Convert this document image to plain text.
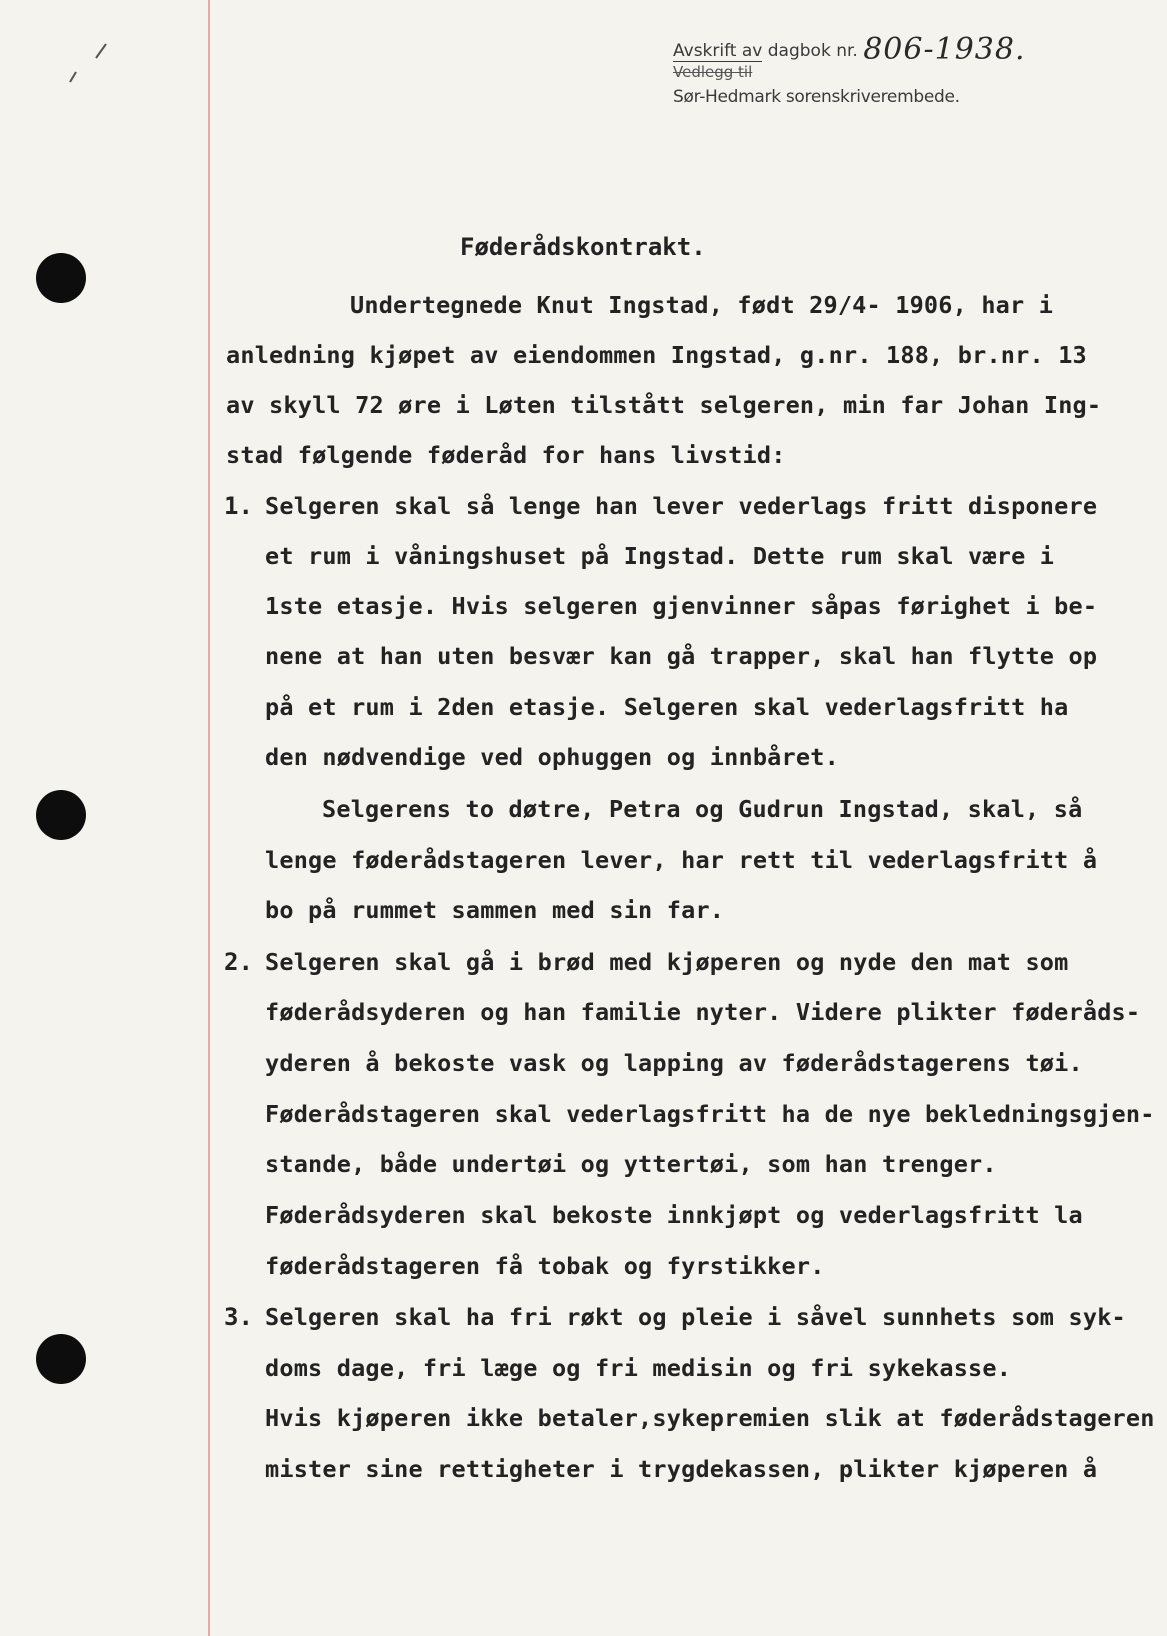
Avskrift av dagbok nr. 806-1938.
Vedlegg til
Sør-Hedmark sorenskriverembede.
Føderådskontrakt.
Undertegnede Knut Ingstad, født 29/4- 1906, har i
anledning kjøpet av eiendommen Ingstad, g.nr. 188, br.nr. 13
av skyll 72 øre i Løten tilstått selgeren, min far Johan Ing-
stad følgende føderåd for hans livstid:
1. Selgeren skal så lenge han lever vederlags fritt disponere
et rum i våningshuset på Ingstad. Dette rum skal være i
1ste etasje. Hvis selgeren gjenvinner såpas førighet i be-
nene at han uten besvær kan gå trapper, skal han flytte op
på et rum i 2den etasje. Selgeren skal vederlagsfritt ha
den nødvendige ved ophuggen og innbåret.
Selgerens to døtre, Petra og Gudrun Ingstad, skal, så
lenge føderådstageren lever, har rett til vederlagsfritt å
bo på rummet sammen med sin far.
2. Selgeren skal gå i brød med kjøperen og nyde den mat som
føderådsyderen og han familie nyter. Videre plikter føderåds-
yderen å bekoste vask og lapping av føderådstagerens tøi.
Føderådstageren skal vederlagsfritt ha de nye bekledningsgjen-
stande, både undertøi og yttertøi, som han trenger.
Føderådsyderen skal bekoste innkjøpt og vederlagsfritt la
føderådstageren få tobak og fyrstikker.
3. Selgeren skal ha fri røkt og pleie i såvel sunnhets som syk-
doms dage, fri læge og fri medisin og fri sykekasse.
Hvis kjøperen ikke betaler,sykepremien slik at føderådstageren
mister sine rettigheter i trygdekassen, plikter kjøperen å
